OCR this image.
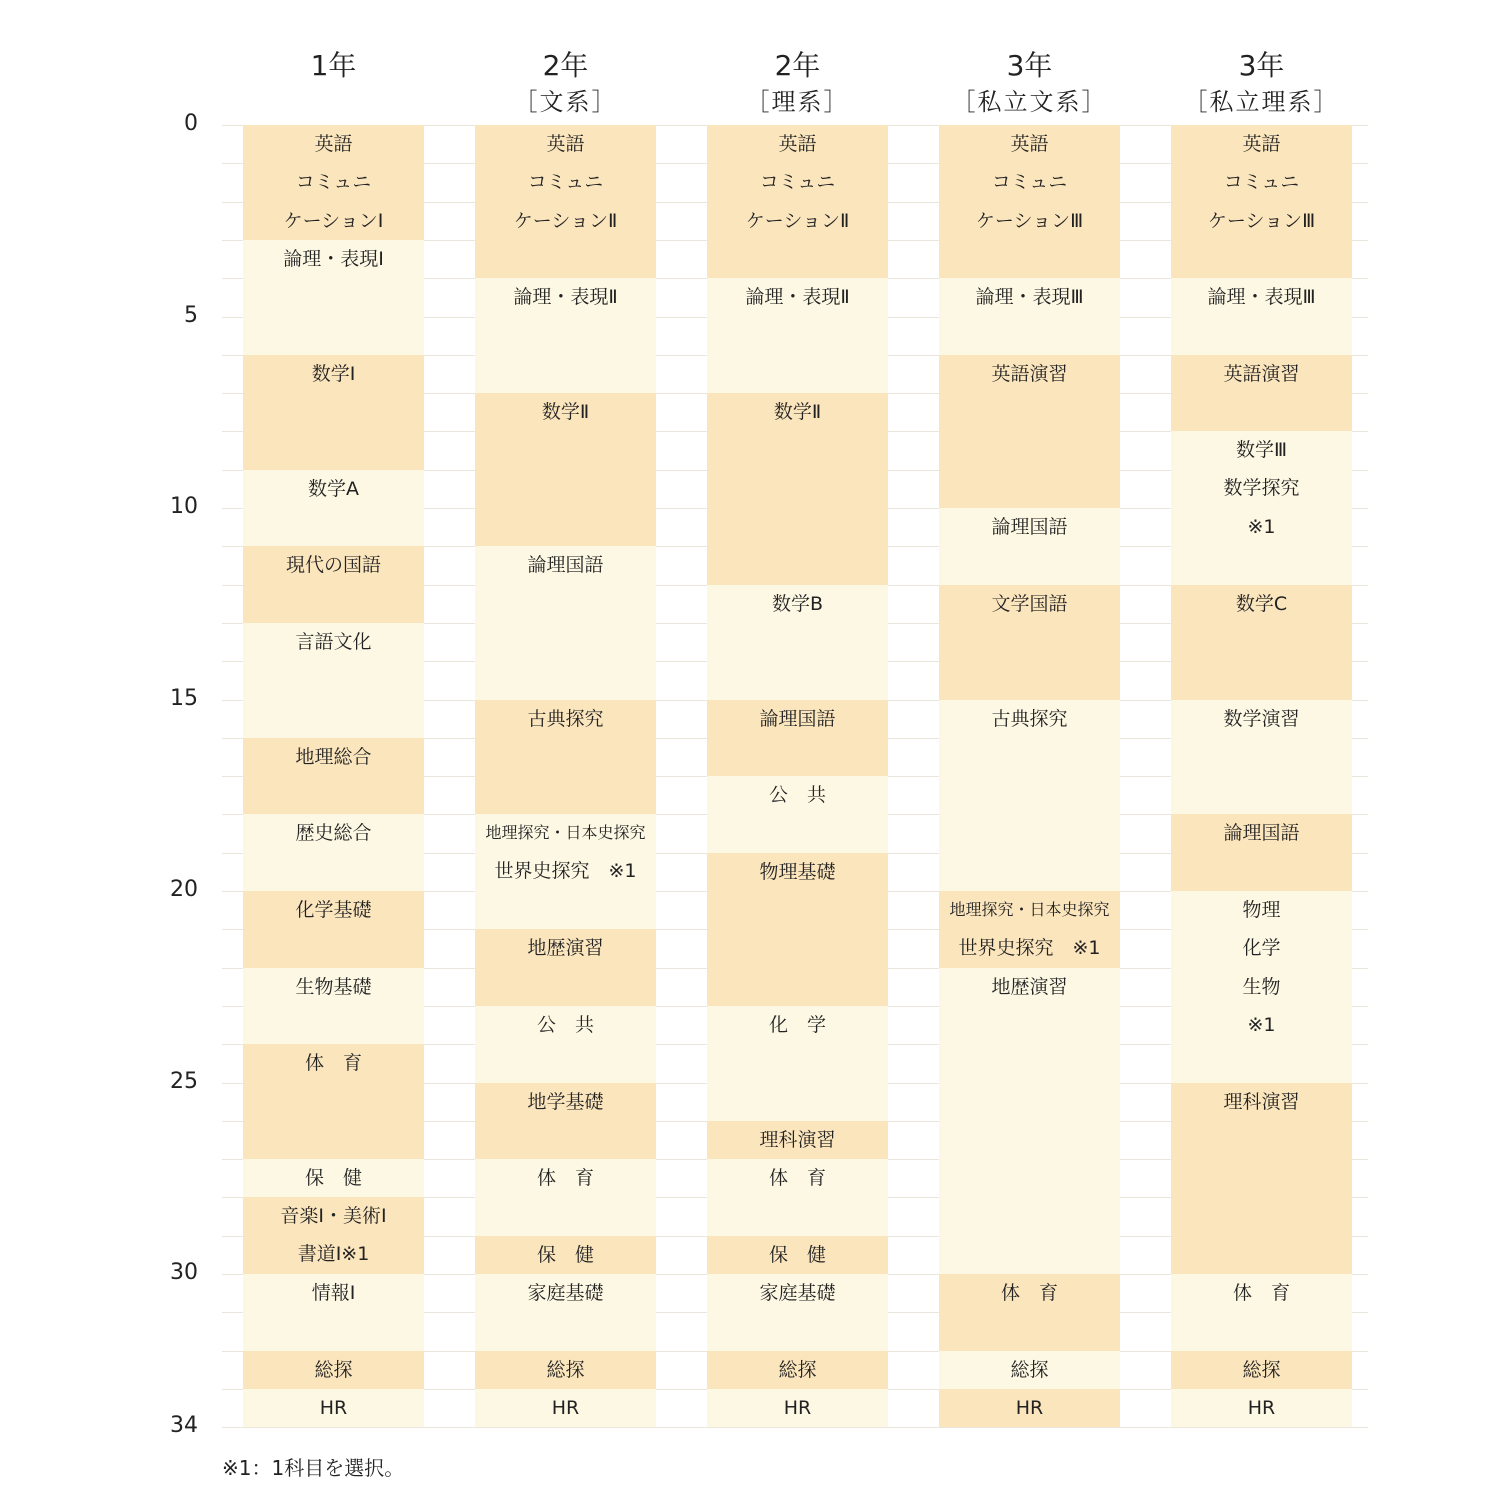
0
5
10
15
20
25
30
34
1年
英語
コミュニ
ケーションⅠ
論理・表現Ⅰ
数学Ⅰ
数学A
現代の国語
言語文化
地理総合
歴史総合
化学基礎
生物基礎
体　育
保　健
音楽Ⅰ・美術Ⅰ
書道Ⅰ※1
情報Ⅰ
総探
HR
2年
［文系］
英語
コミュニ
ケーションⅡ
論理・表現Ⅱ
数学Ⅱ
論理国語
古典探究
地理探究・日本史探究
世界史探究　※1
地歴演習
公　共
地学基礎
体　育
保　健
家庭基礎
総探
HR
2年
［理系］
英語
コミュニ
ケーションⅡ
論理・表現Ⅱ
数学Ⅱ
数学B
論理国語
公　共
物理基礎
化　学
理科演習
体　育
保　健
家庭基礎
総探
HR
3年
［私立文系］
英語
コミュニ
ケーションⅢ
論理・表現Ⅲ
英語演習
論理国語
文学国語
古典探究
地理探究・日本史探究
世界史探究　※1
地歴演習
体　育
総探
HR
3年
［私立理系］
英語
コミュニ
ケーションⅢ
論理・表現Ⅲ
英語演習
数学Ⅲ
数学探究
※1
数学C
数学演習
論理国語
物理
化学
生物
※1
理科演習
体　育
総探
HR
※1：1科目を選択。
